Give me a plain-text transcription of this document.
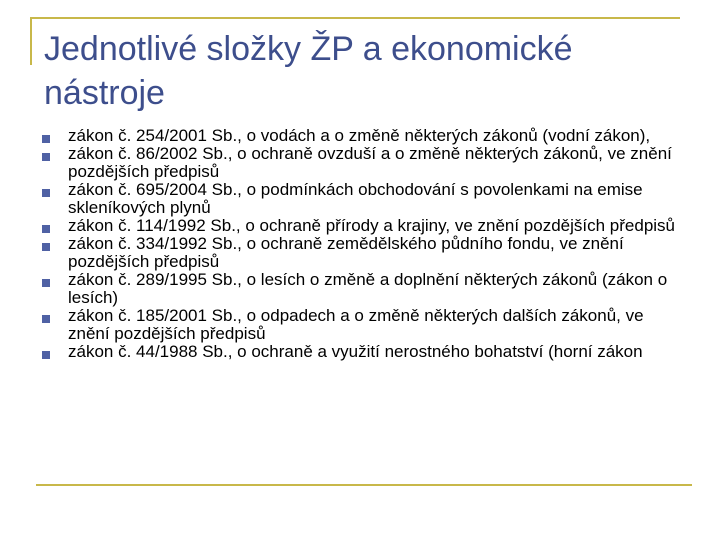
Jednotlivé složky ŽP a ekonomické nástroje
zákon č. 254/2001 Sb., o vodách a o změně některých zákonů (vodní zákon),
zákon č. 86/2002 Sb., o ochraně ovzduší a o změně některých zákonů, ve znění pozdějších předpisů
zákon č. 695/2004 Sb., o podmínkách obchodování s povolenkami na emise skleníkových plynů
zákon č. 114/1992 Sb., o ochraně přírody a krajiny, ve znění pozdějších předpisů
zákon č. 334/1992 Sb., o ochraně zemědělského půdního fondu, ve znění pozdějších předpisů
zákon č. 289/1995 Sb., o lesích o změně a doplnění některých zákonů (zákon o lesích)
zákon č. 185/2001 Sb., o odpadech a o změně některých dalších zákonů, ve znění pozdějších předpisů
zákon č. 44/1988 Sb., o ochraně a využití nerostného bohatství (horní zákon
